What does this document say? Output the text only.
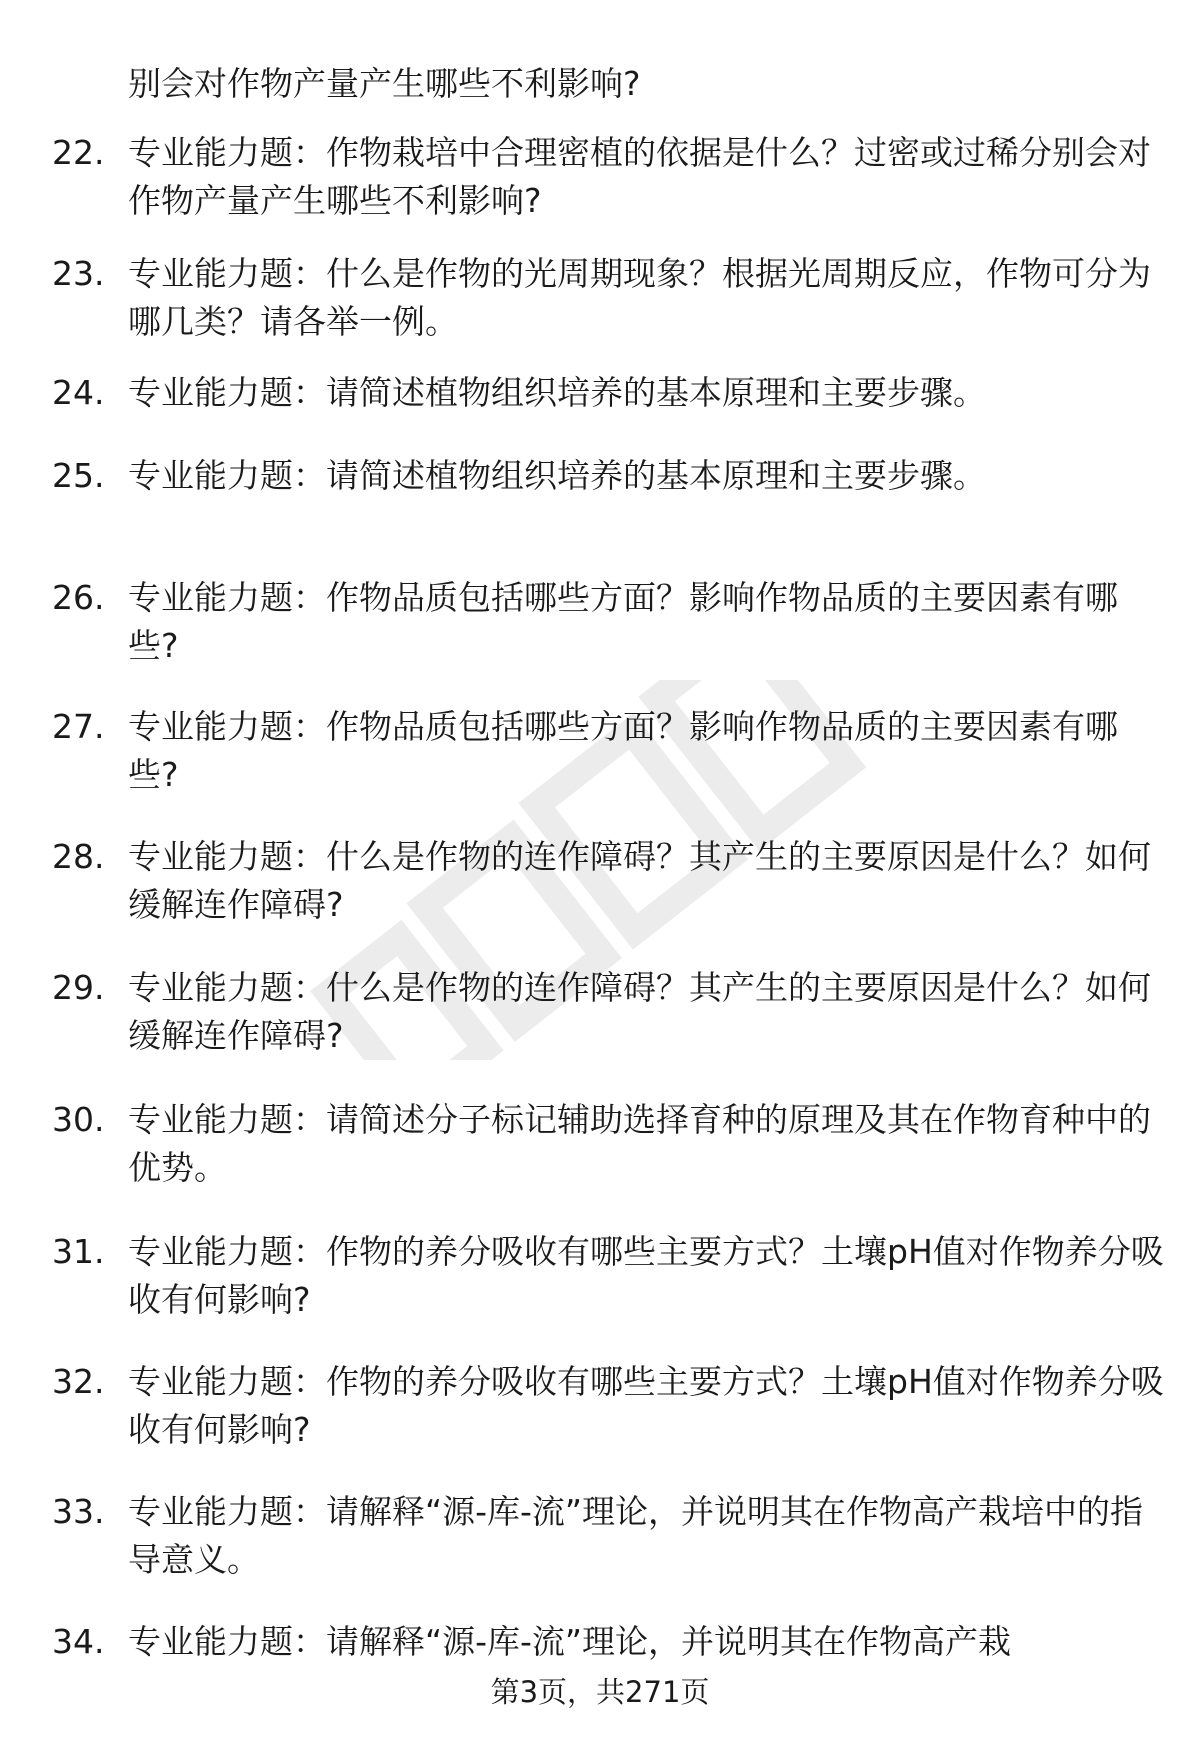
别会对作物产量产生哪些不利影响?
22. 专业能力题：作物栽培中合理密植的依据是什么？过密或过稀分别会对作物产量产生哪些不利影响?
23. 专业能力题：什么是作物的光周期现象？根据光周期反应，作物可分为哪几类？请各举一例。
24. 专业能力题：请简述植物组织培养的基本原理和主要步骤。
25. 专业能力题：请简述植物组织培养的基本原理和主要步骤。
26. 专业能力题：作物品质包括哪些方面？影响作物品质的主要因素有哪些?
27. 专业能力题：作物品质包括哪些方面？影响作物品质的主要因素有哪些?
28. 专业能力题：什么是作物的连作障碍？其产生的主要原因是什么？如何缓解连作障碍?
29. 专业能力题：什么是作物的连作障碍？其产生的主要原因是什么？如何缓解连作障碍?
30. 专业能力题：请简述分子标记辅助选择育种的原理及其在作物育种中的优势。
31. 专业能力题：作物的养分吸收有哪些主要方式？土壤pH值对作物养分吸收有何影响?
32. 专业能力题：作物的养分吸收有哪些主要方式？土壤pH值对作物养分吸收有何影响?
33. 专业能力题：请解释“源-库-流”理论，并说明其在作物高产栽培中的指导意义。
34. 专业能力题：请解释“源-库-流”理论，并说明其在作物高产栽
第3页，共271页
